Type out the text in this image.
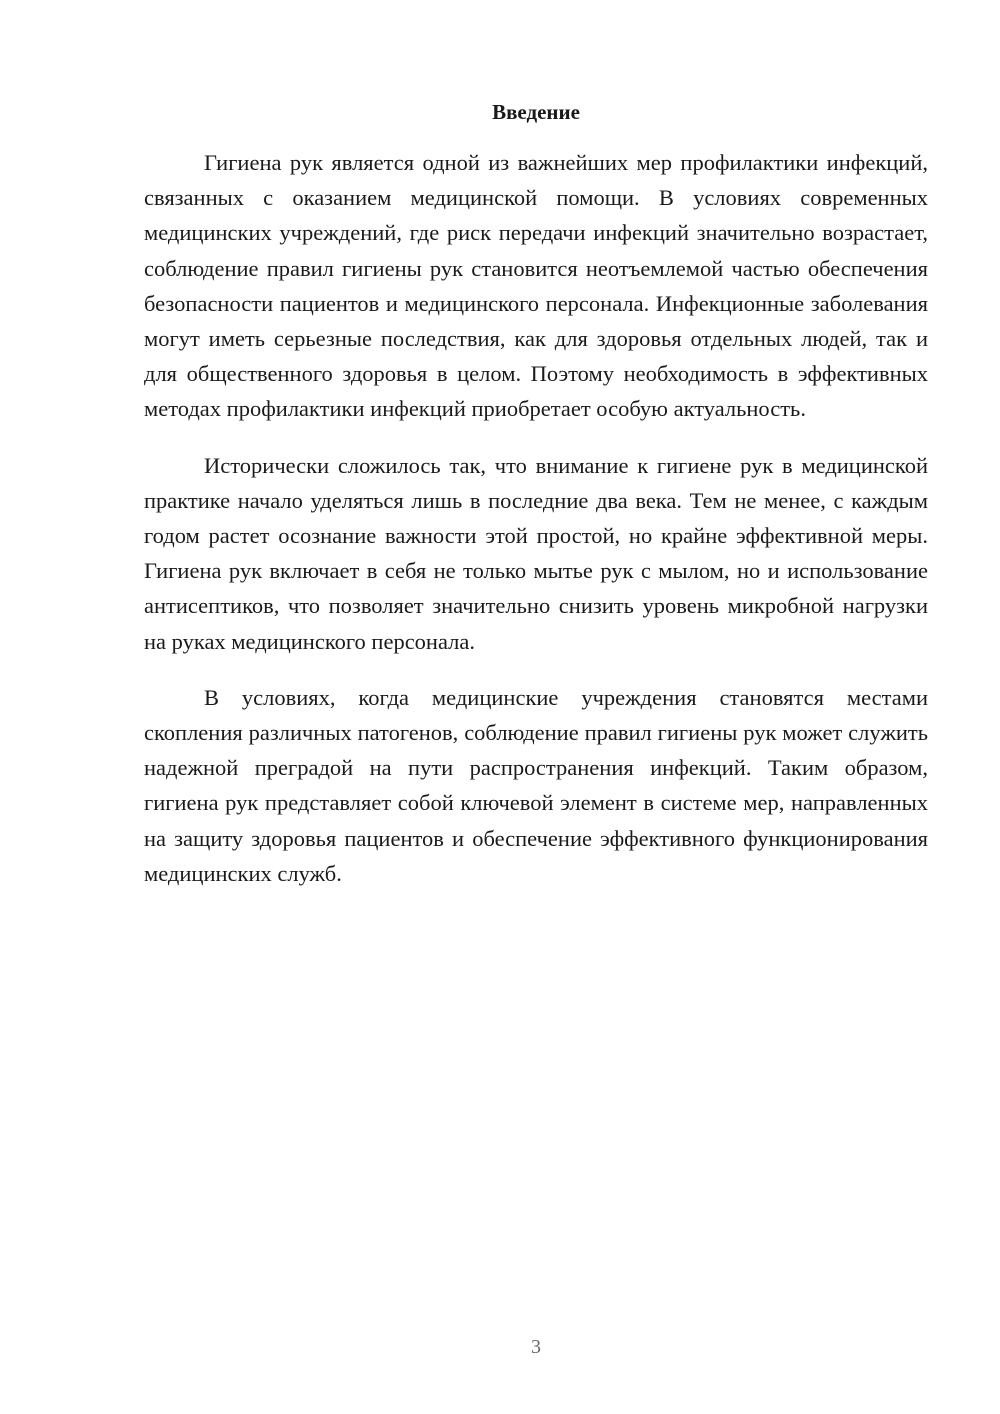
Введение

Гигиена рук является одной из важнейших мер профилактики инфекций, связанных с оказанием медицинской помощи. В условиях современных медицинских учреждений, где риск передачи инфекций значительно возрастает, соблюдение правил гигиены рук становится неотъемлемой частью обеспечения безопасности пациентов и медицинского персонала. Инфекционные заболевания могут иметь серьезные последствия, как для здоровья отдельных людей, так и для общественного здоровья в целом. Поэтому необходимость в эффективных методах профилактики инфекций приобретает особую актуальность.

Исторически сложилось так, что внимание к гигиене рук в медицинской практике начало уделяться лишь в последние два века. Тем не менее, с каждым годом растет осознание важности этой простой, но крайне эффективной меры. Гигиена рук включает в себя не только мытье рук с мылом, но и использование антисептиков, что позволяет значительно снизить уровень микробной нагрузки на руках медицинского персонала.

В условиях, когда медицинские учреждения становятся местами скопления различных патогенов, соблюдение правил гигиены рук может служить надежной преградой на пути распространения инфекций. Таким образом, гигиена рук представляет собой ключевой элемент в системе мер, направленных на защиту здоровья пациентов и обеспечение эффективного функционирования медицинских служб.

3
